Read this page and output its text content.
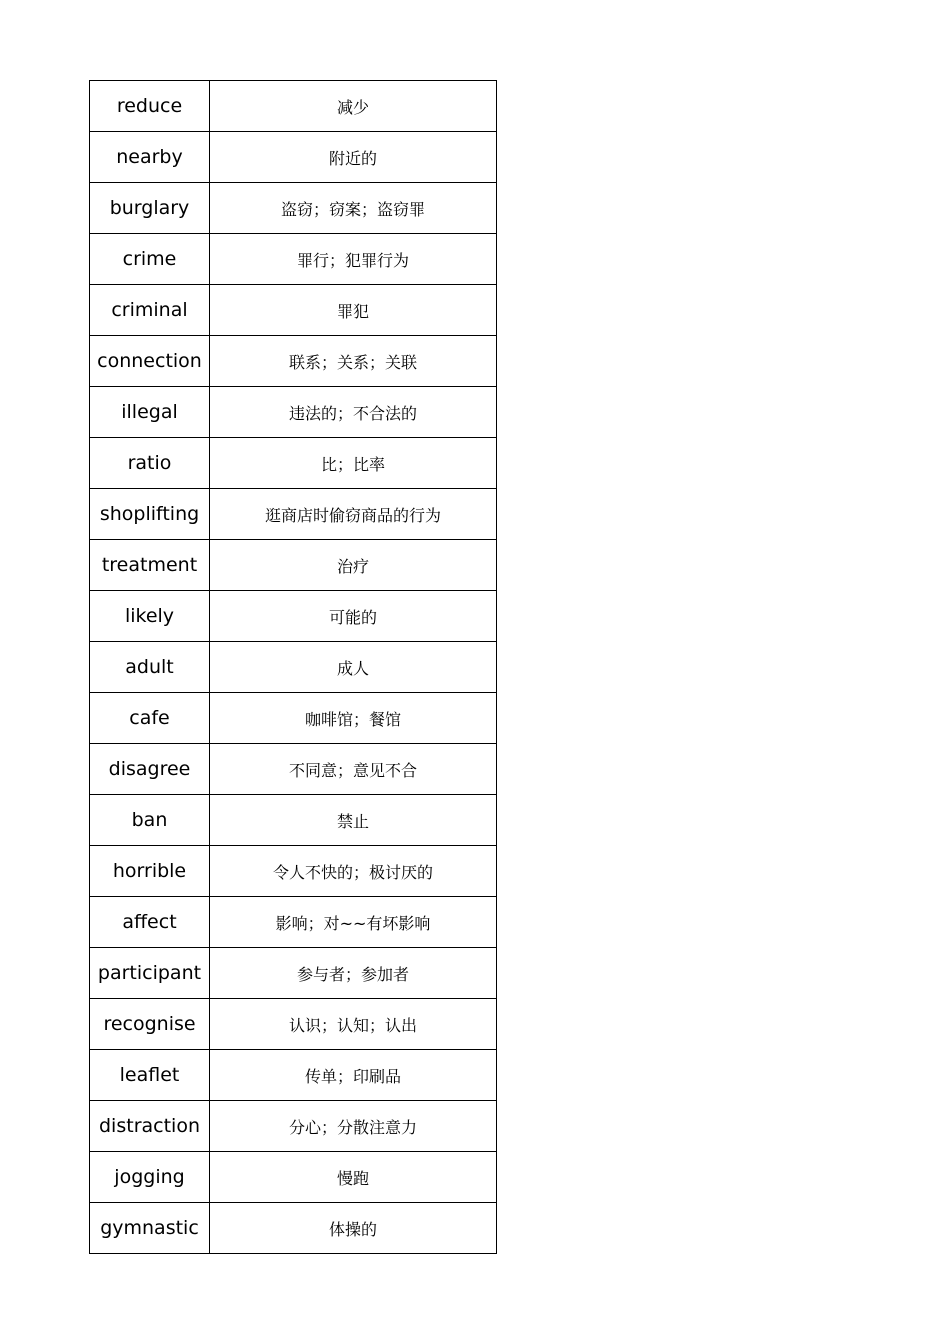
reduce	减少
nearby	附近的
burglary	盗窃；窃案；盗窃罪
crime	罪行；犯罪行为
criminal	罪犯
connection	联系；关系；关联
illegal	违法的；不合法的
ratio	比；比率
shoplifting	逛商店时偷窃商品的行为
treatment	治疗
likely	可能的
adult	成人
cafe	咖啡馆；餐馆
disagree	不同意；意见不合
ban	禁止
horrible	令人不快的；极讨厌的
affect	影响；对~~有坏影响
participant	参与者；参加者
recognise	认识；认知；认出
leaflet	传单；印刷品
distraction	分心；分散注意力
jogging	慢跑
gymnastic	体操的
